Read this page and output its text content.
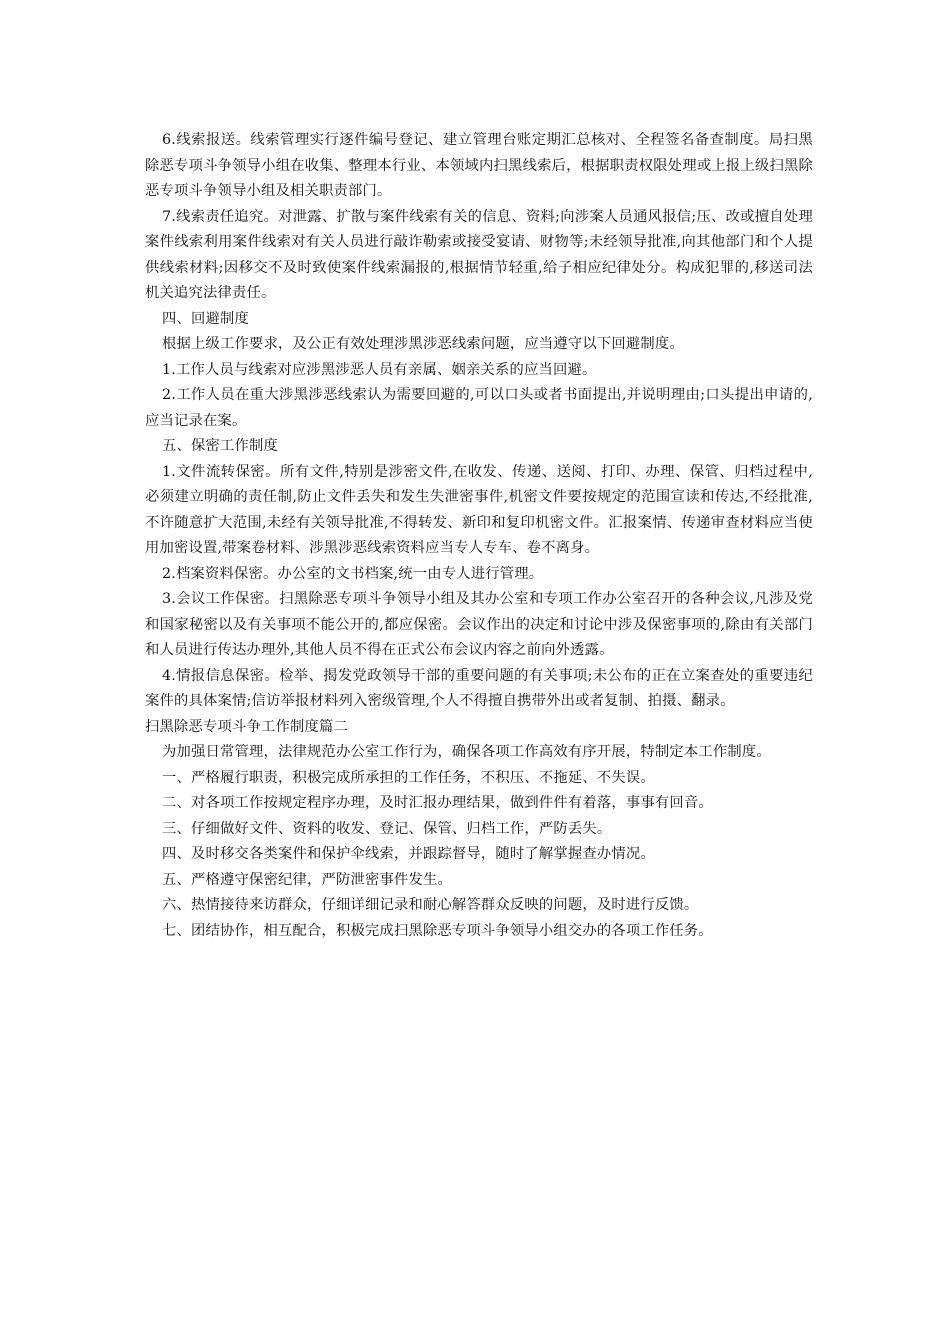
6.线索报送。线索管理实行逐件编号登记、建立管理台账定期汇总核对、全程签名备查制度。局扫黑除恶专项斗争领导小组在收集、整理本行业、本领域内扫黑线索后，根据职责权限处理或上报上级扫黑除恶专项斗争领导小组及相关职责部门。

7.线索责任追究。对泄露、扩散与案件线索有关的信息、资料;向涉案人员通风报信;压、改或擅自处理案件线索利用案件线索对有关人员进行敲诈勒索或接受宴请、财物等;未经领导批准,向其他部门和个人提供线索材料;因移交不及时致使案件线索漏报的,根据情节轻重,给子相应纪律处分。构成犯罪的,移送司法机关追究法律责任。

四、回避制度

根据上级工作要求，及公正有效处理涉黑涉恶线索问题，应当遵守以下回避制度。

1.工作人员与线索对应涉黑涉恶人员有亲属、姻亲关系的应当回避。

2.工作人员在重大涉黑涉恶线索认为需要回避的,可以口头或者书面提出,并说明理由;口头提出申请的,应当记录在案。

五、保密工作制度

1.文件流转保密。所有文件,特别是涉密文件,在收发、传递、送阅、打印、办理、保管、归档过程中,必须建立明确的责任制,防止文件丢失和发生失泄密事件,机密文件要按规定的范围宣读和传达,不经批准,不许随意扩大范围,未经有关领导批准,不得转发、新印和复印机密文件。汇报案情、传递审查材料应当使用加密设置,带案卷材料、涉黑涉恶线索资料应当专人专车、卷不离身。

2.档案资料保密。办公室的文书档案,统一由专人进行管理。

3.会议工作保密。扫黑除恶专项斗争领导小组及其办公室和专项工作办公室召开的各种会议,凡涉及党和国家秘密以及有关事项不能公开的,都应保密。会议作出的决定和讨论中涉及保密事项的,除由有关部门和人员进行传达办理外,其他人员不得在正式公布会议内容之前向外透露。

4.情报信息保密。检举、揭发党政领导干部的重要问题的有关事项;未公布的正在立案查处的重要违纪案件的具体案情;信访举报材料列入密级管理,个人不得擅自携带外出或者复制、拍摄、翻录。

扫黑除恶专项斗争工作制度篇二

为加强日常管理，法律规范办公室工作行为，确保各项工作高效有序开展，特制定本工作制度。

一、严格履行职责，积极完成所承担的工作任务，不积压、不拖延、不失误。

二、对各项工作按规定程序办理，及时汇报办理结果，做到件件有着落，事事有回音。

三、仔细做好文件、资料的收发、登记、保管、归档工作，严防丢失。

四、及时移交各类案件和保护伞线索，并跟踪督导，随时了解掌握查办情况。

五、严格遵守保密纪律，严防泄密事件发生。

六、热情接待来访群众，仔细详细记录和耐心解答群众反映的问题，及时进行反馈。

七、团结协作，相互配合，积极完成扫黑除恶专项斗争领导小组交办的各项工作任务。
